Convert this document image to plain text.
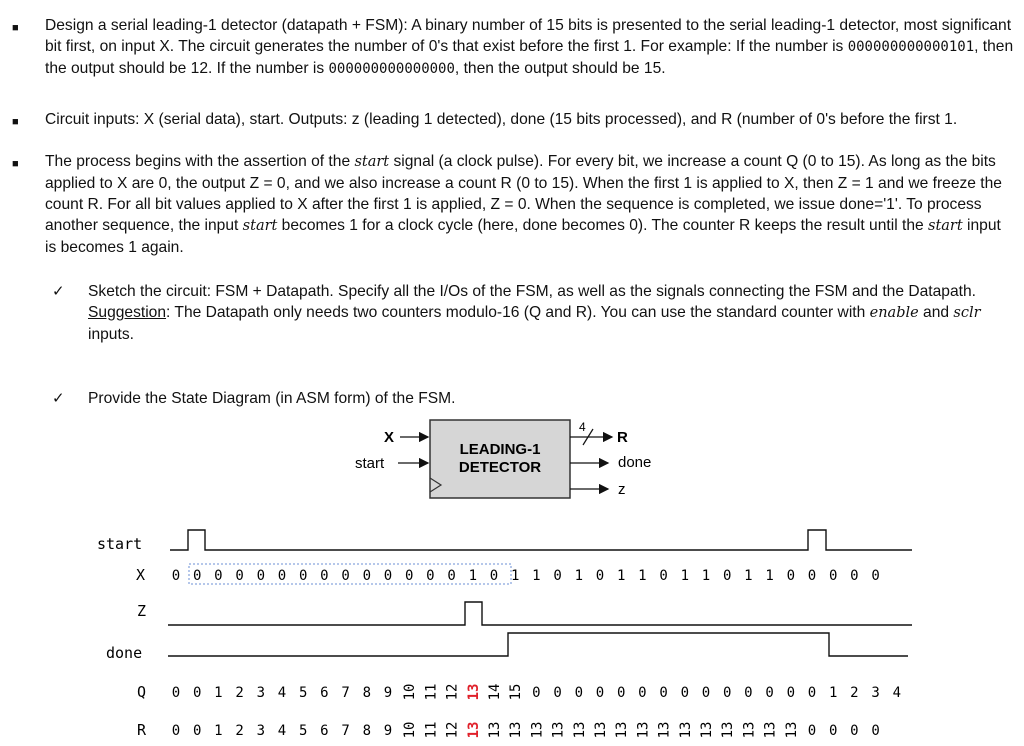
■ Design a serial leading-1 detector (datapath + FSM): A binary number of 15 bits is presented to the serial leading-1 detector, most significant bit first, on input X. The circuit generates the number of 0's that exist before the first 1. For example: If the number is 000000000000101, then the output should be 12. If the number is 000000000000000, then the output should be 15.
■ Circuit inputs: X (serial data), start. Outputs: z (leading 1 detected), done (15 bits processed), and R (number of 0's before the first 1.
■ The process begins with the assertion of the start signal (a clock pulse). For every bit, we increase a count Q (0 to 15). As long as the bits applied to X are 0, the output Z = 0, and we also increase a count R (0 to 15). When the first 1 is applied to X, then Z = 1 and we freeze the count R. For all bit values applied to X after the first 1 is applied, Z = 0. When the sequence is completed, we issue done='1'. To process another sequence, the input start becomes 1 for a clock cycle (here, done becomes 0). The counter R keeps the result until the start input is becomes 1 again.
✓ Sketch the circuit: FSM + Datapath. Specify all the I/Os of the FSM, as well as the signals connecting the FSM and the Datapath.
Suggestion: The Datapath only needs two counters modulo-16 (Q and R). You can use the standard counter with enable and sclr inputs.
✓ Provide the State Diagram (in ASM form) of the FSM.
LEADING-1
DETECTOR
X
start
4
R
done
z
start
X
Z
done
Q
R
0 0 0 0 0 0 0 0 0 0 0 0 0 0 1 0 1 1 0 1 0 1 1 0 1 1 0 1 1 0 0 0 0 0
0 0 1 2 3 4 5 6 7 8 9 10 11 12 13 14 15 0 0 0 0 0 0 0 0 0 0 0 0 0 0 1 2 3 4
0 0 1 2 3 4 5 6 7 8 9 10 11 12 13 13 13 13 13 13 13 13 13 13 13 13 13 13 13 13 0 0 0 0
